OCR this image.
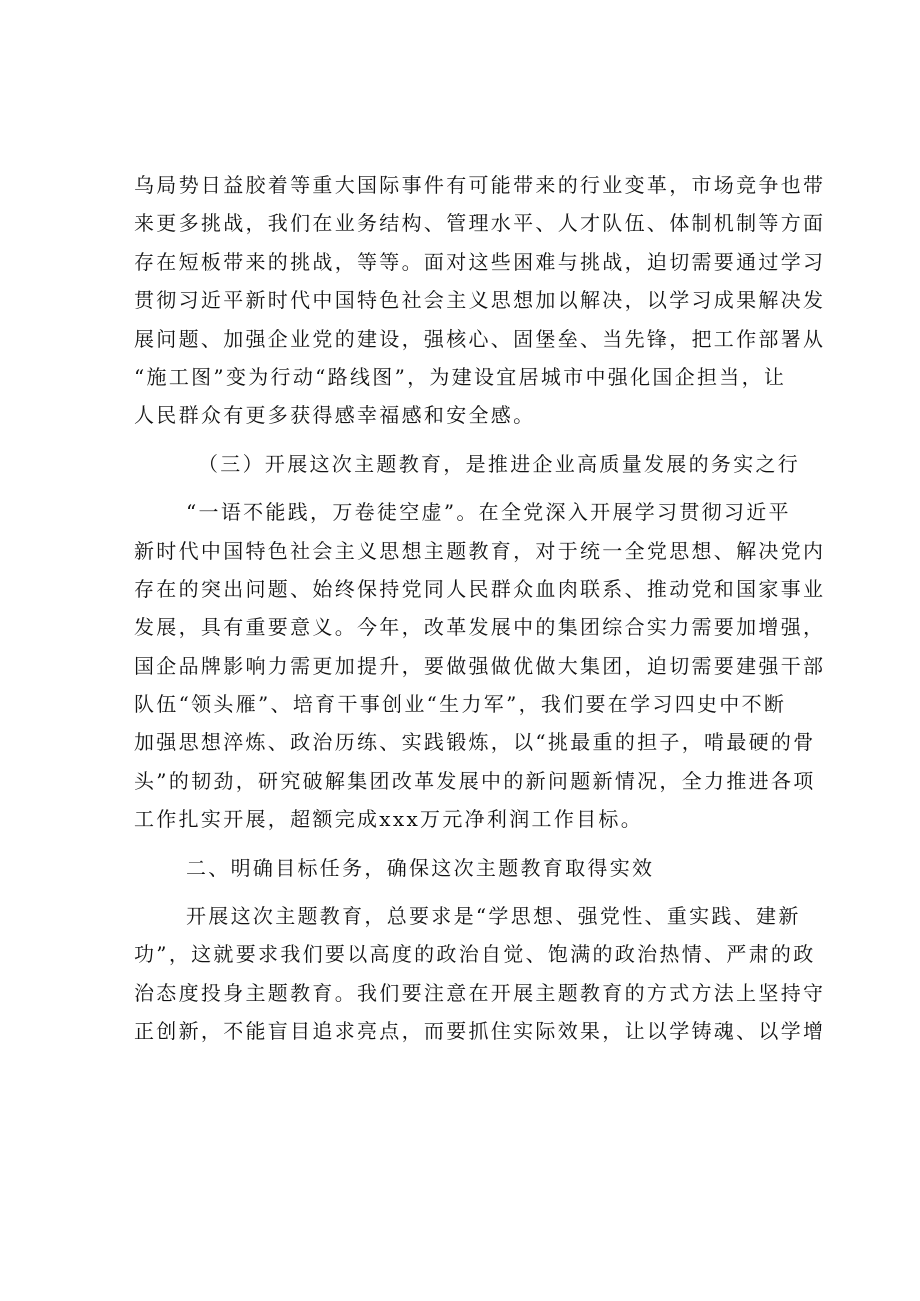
乌局势日益胶着等重大国际事件有可能带来的行业变革，市场竞争也带
来更多挑战，我们在业务结构、管理水平、人才队伍、体制机制等方面
存在短板带来的挑战，等等。面对这些困难与挑战，迫切需要通过学习
贯彻习近平新时代中国特色社会主义思想加以解决，以学习成果解决发
展问题、加强企业党的建设，强核心、固堡垒、当先锋，把工作部署从
“施工图”变为行动“路线图”，为建设宜居城市中强化国企担当，让
人民群众有更多获得感幸福感和安全感。
（三）开展这次主题教育，是推进企业高质量发展的务实之行
“一语不能践，万卷徒空虚”。在全党深入开展学习贯彻习近平
新时代中国特色社会主义思想主题教育，对于统一全党思想、解决党内
存在的突出问题、始终保持党同人民群众血肉联系、推动党和国家事业
发展，具有重要意义。今年，改革发展中的集团综合实力需要加增强，
国企品牌影响力需更加提升，要做强做优做大集团，迫切需要建强干部
队伍“领头雁”、培育干事创业“生力军”，我们要在学习四史中不断
加强思想淬炼、政治历练、实践锻炼，以“挑最重的担子，啃最硬的骨
头”的韧劲，研究破解集团改革发展中的新问题新情况，全力推进各项
工作扎实开展，超额完成xxx万元净利润工作目标。
二、明确目标任务，确保这次主题教育取得实效
开展这次主题教育，总要求是“学思想、强党性、重实践、建新
功”，这就要求我们要以高度的政治自觉、饱满的政治热情、严肃的政
治态度投身主题教育。我们要注意在开展主题教育的方式方法上坚持守
正创新，不能盲目追求亮点，而要抓住实际效果，让以学铸魂、以学增
